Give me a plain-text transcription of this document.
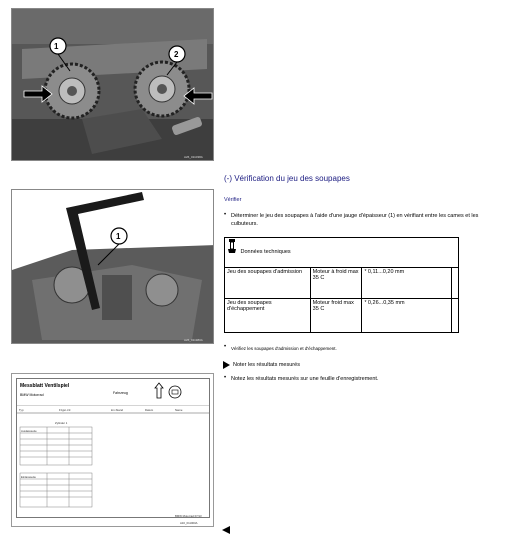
1
2
A26_011038A
1
A26_011980A
(-) Vérification du jeu des soupapes
Vérifier
• Déterminer le jeu des soupapes à l'aide d'une jauge d'épaisseur (1) en vérifiant entre les cames et les culbuteurs.
Données techniques			
Jeu des soupapes d'admission	Moteur à froid max 35 C	* 0,11...0,20 mm	
Jeu des soupapes d'échappement	Moteur froid max 35 C	* 0,26...0,35 mm	
• Vérifiez les soupapes d'admission et d'échappement.
Noter les résultats mesurés
• Notez les résultats mesurés sur une feuille d'enregistrement.
Messblatt Ventilspiel
BMW Motorrad	Fahrzeug
Typ	Fzgst.-Nr.	km-Stand	Datum	Name
Zylinder 1
Auslassseite
Einlassseite
BMW Motorrad 07/13
A16_011000A
